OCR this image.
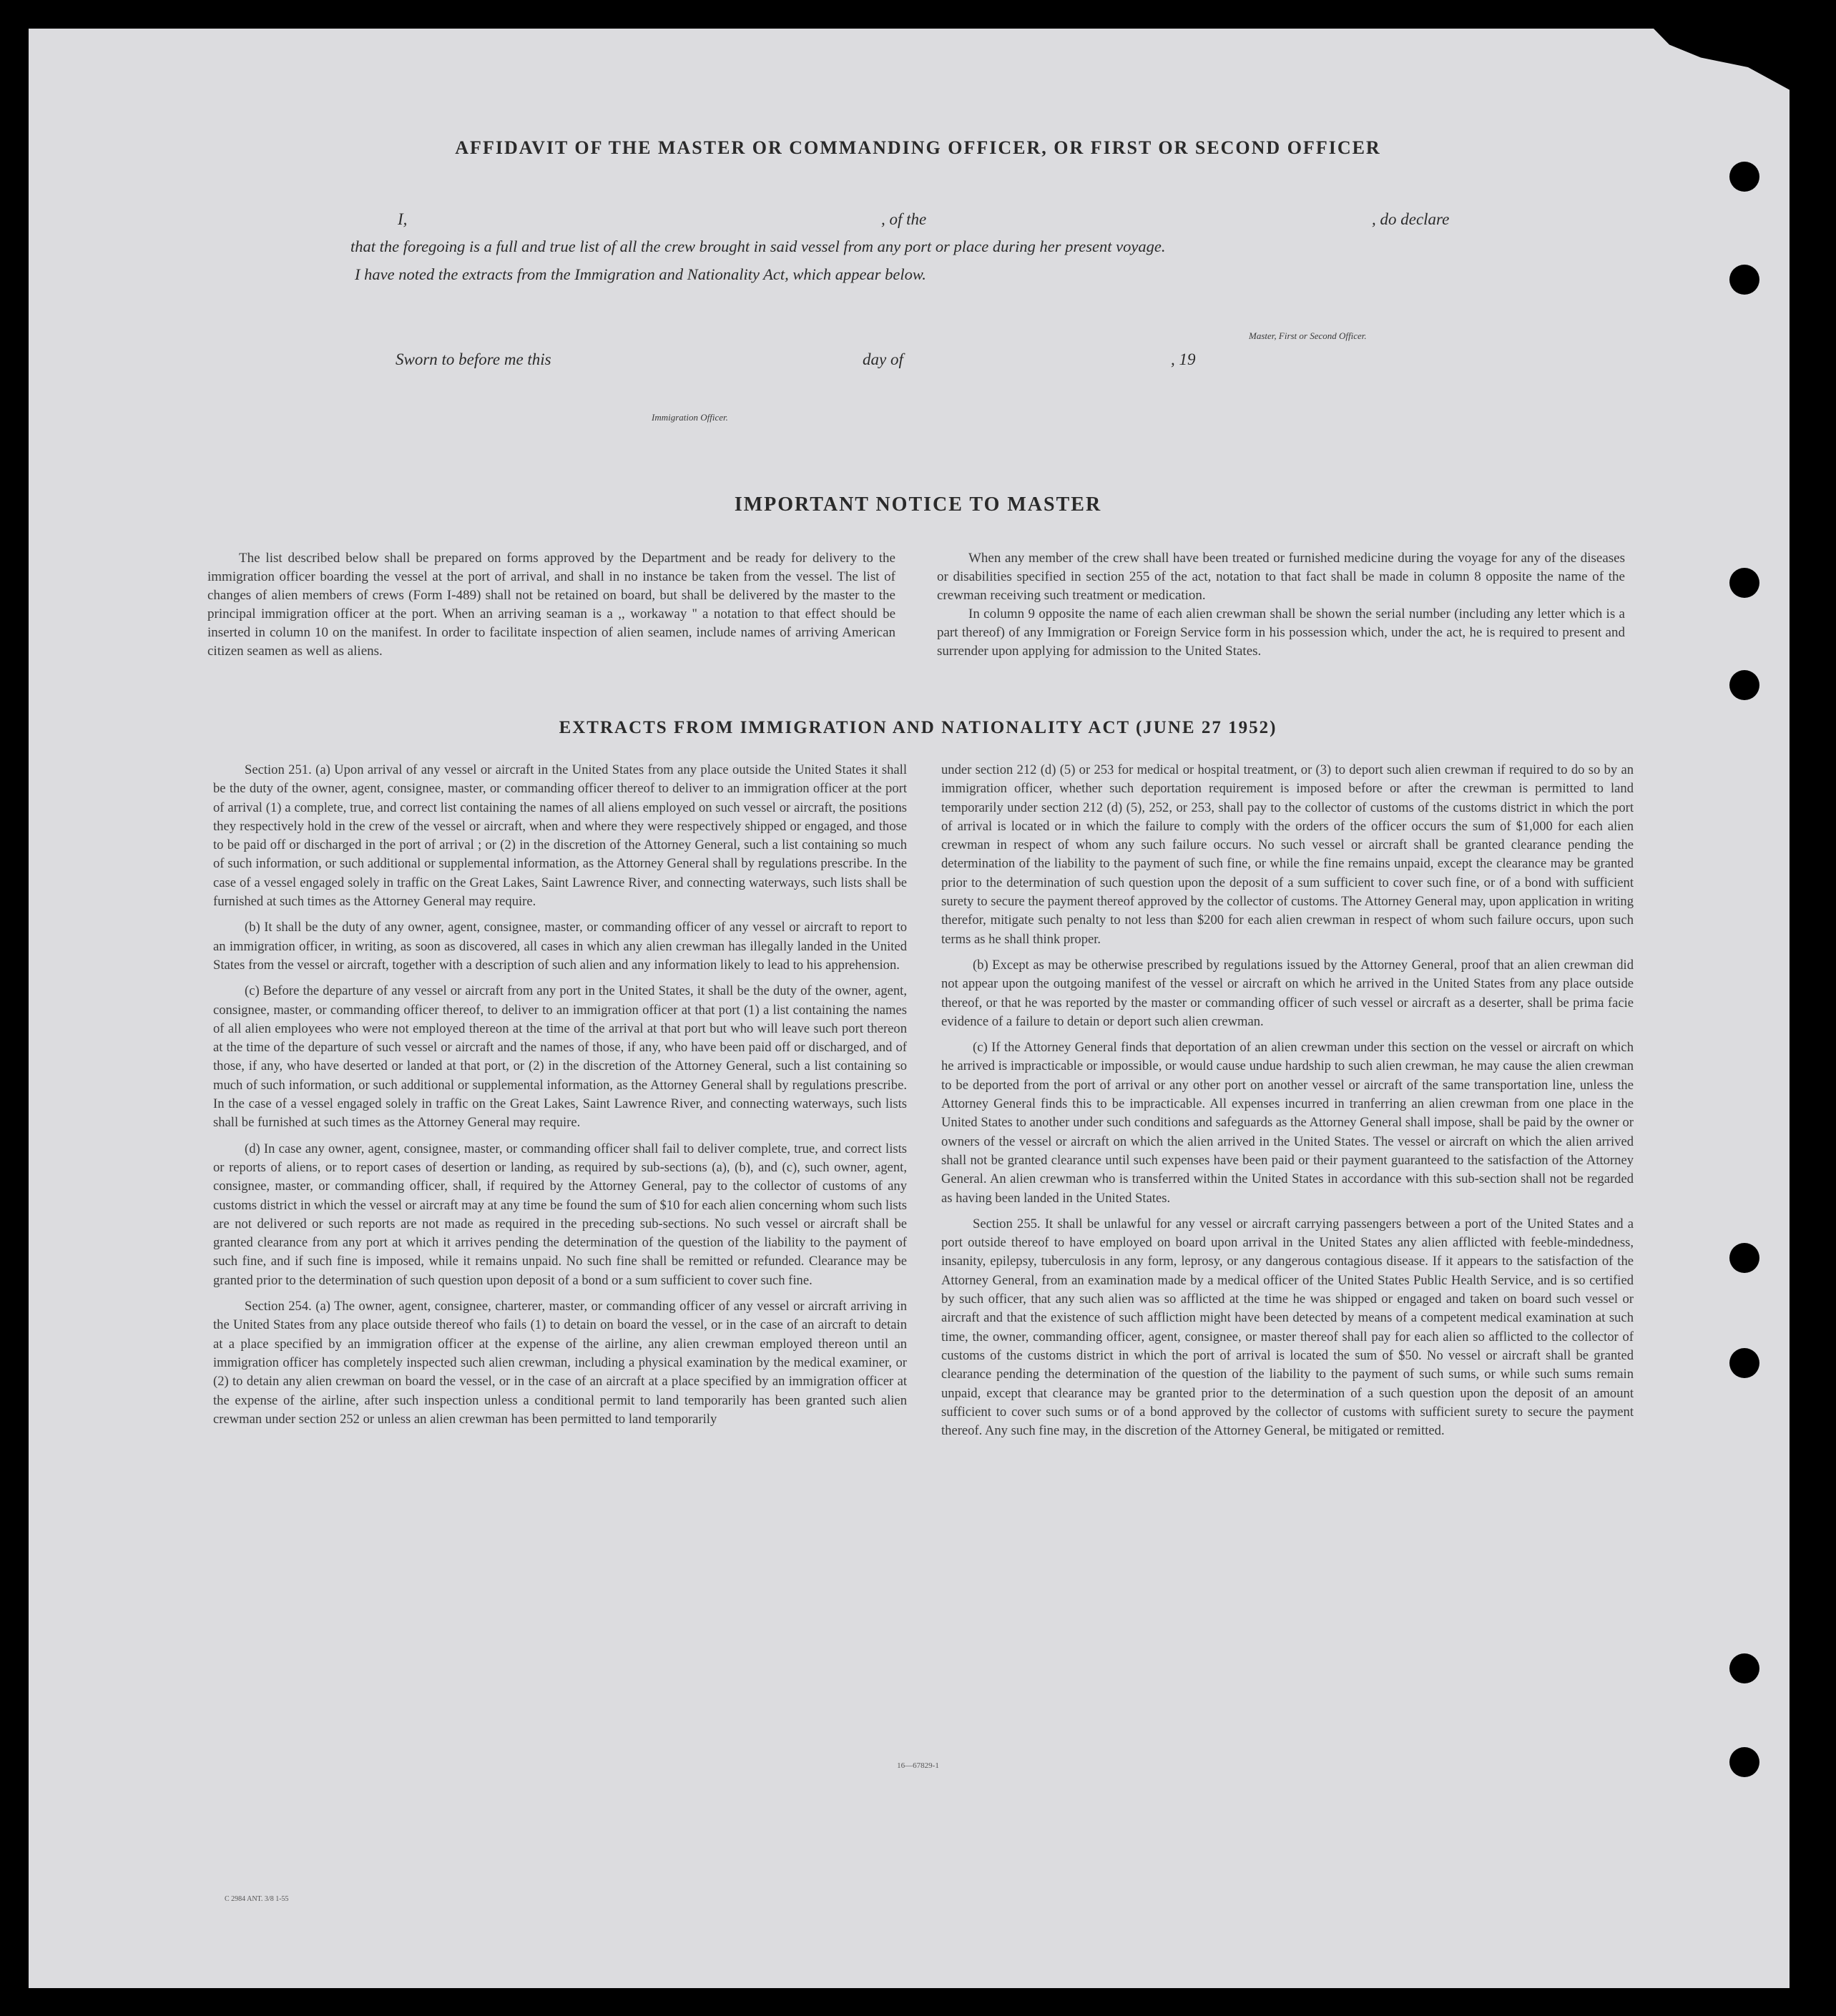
AFFIDAVIT OF THE MASTER OR COMMANDING OFFICER, OR FIRST OR SECOND OFFICER
I,	, of the	, do declare
that the foregoing is a full and true list of all the crew brought in said vessel from any port or place during her present voyage.
I have noted the extracts from the Immigration and Nationality Act, which appear below.
Master, First or Second Officer.
Sworn to before me this	day of	, 19
Immigration Officer.
IMPORTANT NOTICE TO MASTER

The list described below shall be prepared on forms approved by the Department and be ready for delivery to the immigration officer boarding the vessel at the port of arrival, and shall in no instance be taken from the vessel. The list of changes of alien members of crews (Form I-489) shall not be retained on board, but shall be delivered by the master to the principal immigration officer at the port. When an arriving seaman is a ,, workaway '' a notation to that effect should be inserted in column 10 on the manifest. In order to facilitate inspection of alien seamen, include names of arriving American citizen seamen as well as aliens.

When any member of the crew shall have been treated or furnished medicine during the voyage for any of the diseases or disabilities specified in section 255 of the act, notation to that fact shall be made in column 8 opposite the name of the crewman receiving such treatment or medication.

In column 9 opposite the name of each alien crewman shall be shown the serial number (including any letter which is a part thereof) of any Immigration or Foreign Service form in his possession which, under the act, he is required to present and surrender upon applying for admission to the United States.

EXTRACTS FROM IMMIGRATION AND NATIONALITY ACT (JUNE 27 1952)

Section 251. (a) Upon arrival of any vessel or aircraft in the United States from any place outside the United States it shall be the duty of the owner, agent, consignee, master, or commanding officer thereof to deliver to an immigration officer at the port of arrival (1) a complete, true, and correct list containing the names of all aliens employed on such vessel or aircraft, the positions they respectively hold in the crew of the vessel or aircraft, when and where they were respectively shipped or engaged, and those to be paid off or discharged in the port of arrival ; or (2) in the discretion of the Attorney General, such a list containing so much of such information, or such additional or supplemental information, as the Attorney General shall by regulations prescribe. In the case of a vessel engaged solely in traffic on the Great Lakes, Saint Lawrence River, and connecting waterways, such lists shall be furnished at such times as the Attorney General may require.

(b) It shall be the duty of any owner, agent, consignee, master, or commanding officer of any vessel or aircraft to report to an immigration officer, in writing, as soon as discovered, all cases in which any alien crewman has illegally landed in the United States from the vessel or aircraft, together with a description of such alien and any information likely to lead to his apprehension.

(c) Before the departure of any vessel or aircraft from any port in the United States, it shall be the duty of the owner, agent, consignee, master, or commanding officer thereof, to deliver to an immigration officer at that port (1) a list containing the names of all alien employees who were not employed thereon at the time of the arrival at that port but who will leave such port thereon at the time of the departure of such vessel or aircraft and the names of those, if any, who have been paid off or discharged, and of those, if any, who have deserted or landed at that port, or (2) in the discretion of the Attorney General, such a list containing so much of such information, or such additional or supplemental information, as the Attorney General shall by regulations prescribe. In the case of a vessel engaged solely in traffic on the Great Lakes, Saint Lawrence River, and connecting waterways, such lists shall be furnished at such times as the Attorney General may require.

(d) In case any owner, agent, consignee, master, or commanding officer shall fail to deliver complete, true, and correct lists or reports of aliens, or to report cases of desertion or landing, as required by sub-sections (a), (b), and (c), such owner, agent, consignee, master, or commanding officer, shall, if required by the Attorney General, pay to the collector of customs of any customs district in which the vessel or aircraft may at any time be found the sum of $10 for each alien concerning whom such lists are not delivered or such reports are not made as required in the preceding sub-sections. No such vessel or aircraft shall be granted clearance from any port at which it arrives pending the determination of the question of the liability to the payment of such fine, and if such fine is imposed, while it remains unpaid. No such fine shall be remitted or refunded. Clearance may be granted prior to the determination of such question upon deposit of a bond or a sum sufficient to cover such fine.

Section 254. (a) The owner, agent, consignee, charterer, master, or commanding officer of any vessel or aircraft arriving in the United States from any place outside thereof who fails (1) to detain on board the vessel, or in the case of an aircraft to detain at a place specified by an immigration officer at the expense of the airline, any alien crewman employed thereon until an immigration officer has completely inspected such alien crewman, including a physical examination by the medical examiner, or (2) to detain any alien crewman on board the vessel, or in the case of an aircraft at a place specified by an immigration officer at the expense of the airline, after such inspection unless a conditional permit to land temporarily has been granted such alien crewman under section 252 or unless an alien crewman has been permitted to land temporarily

under section 212 (d) (5) or 253 for medical or hospital treatment, or (3) to deport such alien crewman if required to do so by an immigration officer, whether such deportation requirement is imposed before or after the crewman is permitted to land temporarily under section 212 (d) (5), 252, or 253, shall pay to the collector of customs of the customs district in which the port of arrival is located or in which the failure to comply with the orders of the officer occurs the sum of $1,000 for each alien crewman in respect of whom any such failure occurs. No such vessel or aircraft shall be granted clearance pending the determination of the liability to the payment of such fine, or while the fine remains unpaid, except the clearance may be granted prior to the determination of such question upon the deposit of a sum sufficient to cover such fine, or of a bond with sufficient surety to secure the payment thereof approved by the collector of customs. The Attorney General may, upon application in writing therefor, mitigate such penalty to not less than $200 for each alien crewman in respect of whom such failure occurs, upon such terms as he shall think proper.

(b) Except as may be otherwise prescribed by regulations issued by the Attorney General, proof that an alien crewman did not appear upon the outgoing manifest of the vessel or aircraft on which he arrived in the United States from any place outside thereof, or that he was reported by the master or commanding officer of such vessel or aircraft as a deserter, shall be prima facie evidence of a failure to detain or deport such alien crewman.

(c) If the Attorney General finds that deportation of an alien crewman under this section on the vessel or aircraft on which he arrived is impracticable or impossible, or would cause undue hardship to such alien crewman, he may cause the alien crewman to be deported from the port of arrival or any other port on another vessel or aircraft of the same transportation line, unless the Attorney General finds this to be impracticable. All expenses incurred in tranferring an alien crewman from one place in the United States to another under such conditions and safeguards as the Attorney General shall impose, shall be paid by the owner or owners of the vessel or aircraft on which the alien arrived in the United States. The vessel or aircraft on which the alien arrived shall not be granted clearance until such expenses have been paid or their payment guaranteed to the satisfaction of the Attorney General. An alien crewman who is transferred within the United States in accordance with this sub-section shall not be regarded as having been landed in the United States.

Section 255. It shall be unlawful for any vessel or aircraft carrying passengers between a port of the United States and a port outside thereof to have employed on board upon arrival in the United States any alien afflicted with feeble-mindedness, insanity, epilepsy, tuberculosis in any form, leprosy, or any dangerous contagious disease. If it appears to the satisfaction of the Attorney General, from an examination made by a medical officer of the United States Public Health Service, and is so certified by such officer, that any such alien was so afflicted at the time he was shipped or engaged and taken on board such vessel or aircraft and that the existence of such affliction might have been detected by means of a competent medical examination at such time, the owner, commanding officer, agent, consignee, or master thereof shall pay for each alien so afflicted to the collector of customs of the customs district in which the port of arrival is located the sum of $50. No vessel or aircraft shall be granted clearance pending the determination of the question of the liability to the payment of such sums, or while such sums remain unpaid, except that clearance may be granted prior to the determination of a such question upon the deposit of an amount sufficient to cover such sums or of a bond approved by the collector of customs with sufficient surety to secure the payment thereof. Any such fine may, in the discretion of the Attorney General, be mitigated or remitted.

16—67829-1
C 2984 ANT. 3/8 1-55
